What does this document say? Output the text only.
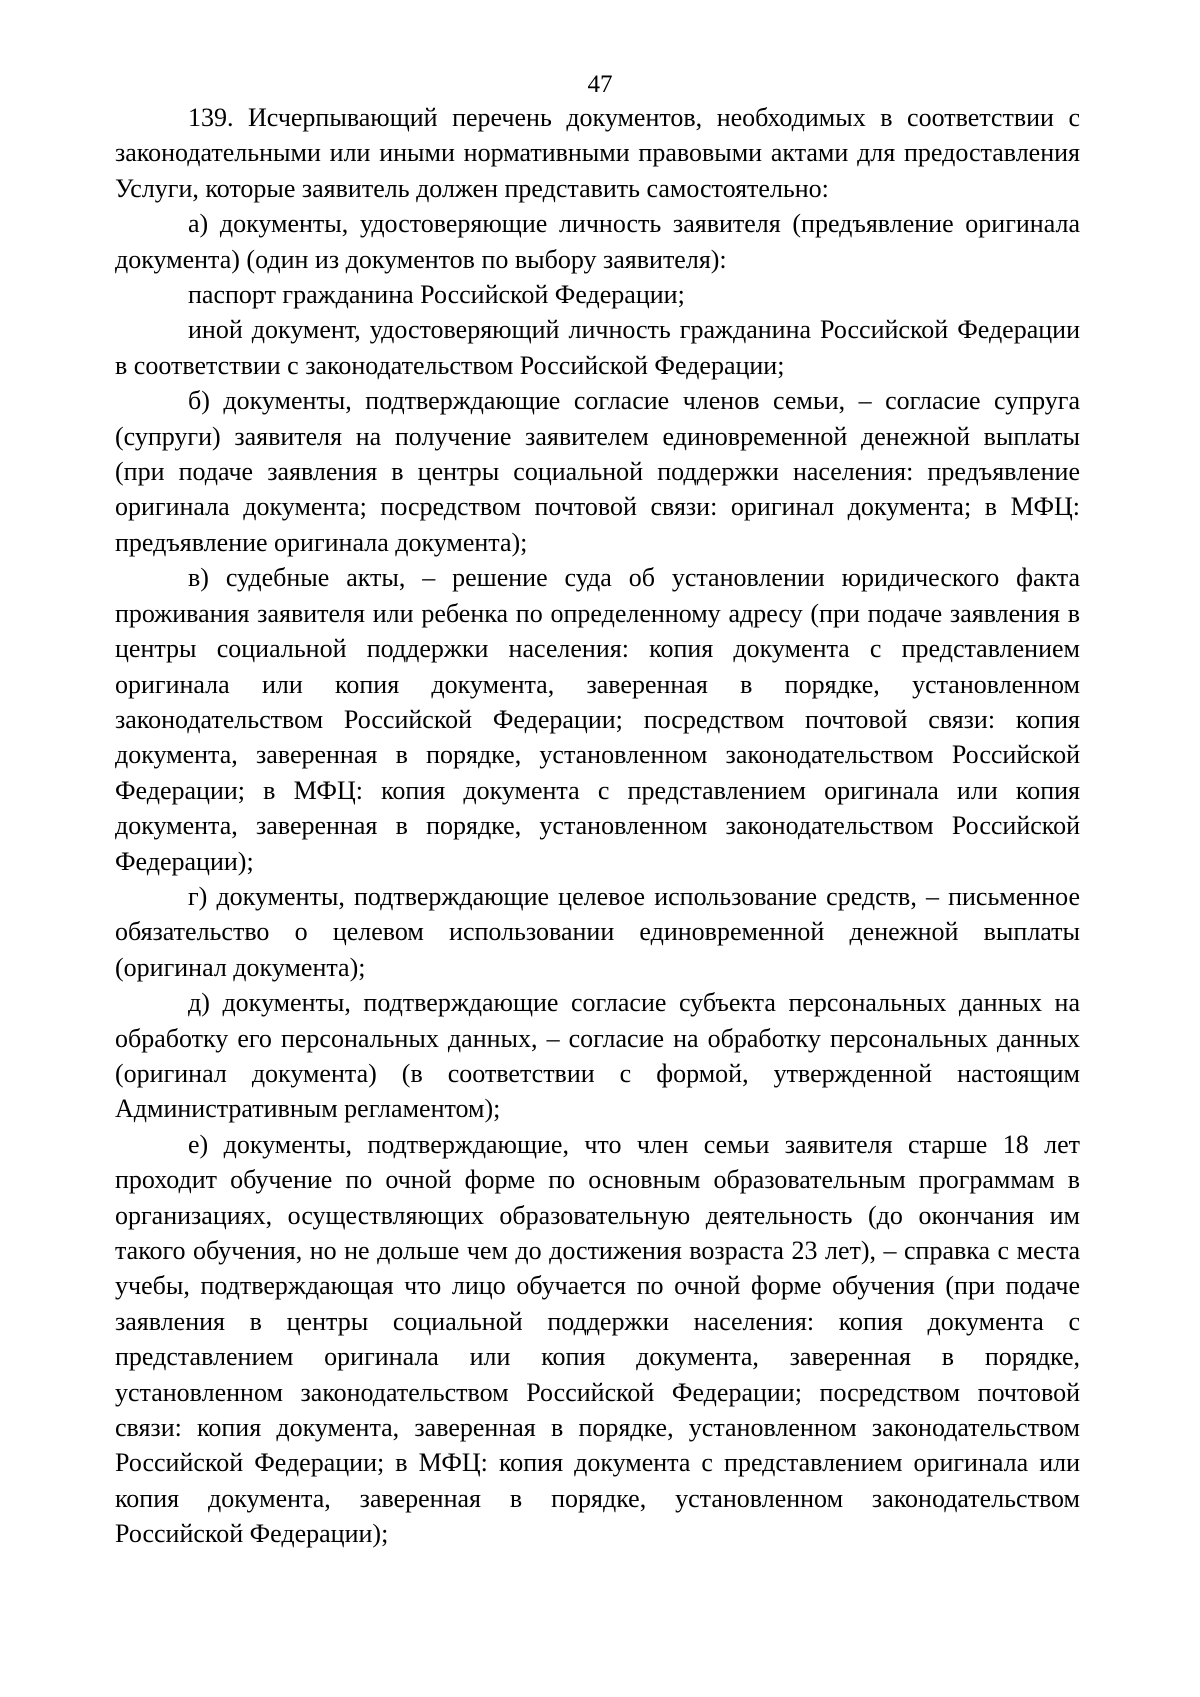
47

139. Исчерпывающий перечень документов, необходимых в соответствии с законодательными или иными нормативными правовыми актами для предоставления Услуги, которые заявитель должен представить самостоятельно:

а) документы, удостоверяющие личность заявителя (предъявление оригинала документа) (один из документов по выбору заявителя):

паспорт гражданина Российской Федерации;

иной документ, удостоверяющий личность гражданина Российской Федерации в соответствии с законодательством Российской Федерации;

б) документы, подтверждающие согласие членов семьи, – согласие супруга (супруги) заявителя на получение заявителем единовременной денежной выплаты (при подаче заявления в центры социальной поддержки населения: предъявление оригинала документа; посредством почтовой связи: оригинал документа; в МФЦ: предъявление оригинала документа);

в) судебные акты, – решение суда об установлении юридического факта проживания заявителя или ребенка по определенному адресу (при подаче заявления в центры социальной поддержки населения: копия документа с представлением оригинала или копия документа, заверенная в порядке, установленном законодательством Российской Федерации; посредством почтовой связи: копия документа, заверенная в порядке, установленном законодательством Российской Федерации; в МФЦ: копия документа с представлением оригинала или копия документа, заверенная в порядке, установленном законодательством Российской Федерации);

г) документы, подтверждающие целевое использование средств, – письменное обязательство о целевом использовании единовременной денежной выплаты (оригинал документа);

д) документы, подтверждающие согласие субъекта персональных данных на обработку его персональных данных, – согласие на обработку персональных данных (оригинал документа) (в соответствии с формой, утвержденной настоящим Административным регламентом);

е) документы, подтверждающие, что член семьи заявителя старше 18 лет проходит обучение по очной форме по основным образовательным программам в организациях, осуществляющих образовательную деятельность (до окончания им такого обучения, но не дольше чем до достижения возраста 23 лет), – справка с места учебы, подтверждающая что лицо обучается по очной форме обучения (при подаче заявления в центры социальной поддержки населения: копия документа с представлением оригинала или копия документа, заверенная в порядке, установленном законодательством Российской Федерации; посредством почтовой связи: копия документа, заверенная в порядке, установленном законодательством Российской Федерации; в МФЦ: копия документа с представлением оригинала или копия документа, заверенная в порядке, установленном законодательством Российской Федерации);
